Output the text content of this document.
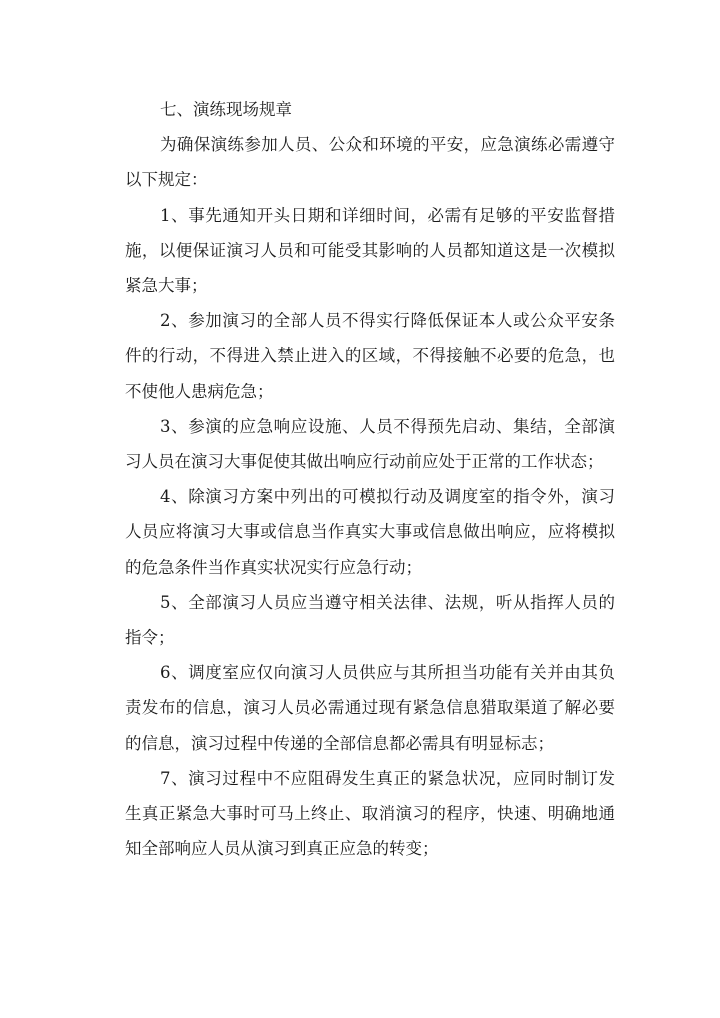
七、演练现场规章

为确保演练参加人员、公众和环境的平安，应急演练必需遵守以下规定：

1、事先通知开头日期和详细时间，必需有足够的平安监督措施，以便保证演习人员和可能受其影响的人员都知道这是一次模拟紧急大事；

2、参加演习的全部人员不得实行降低保证本人或公众平安条件的行动，不得进入禁止进入的区域，不得接触不必要的危急，也不使他人患病危急；

3、参演的应急响应设施、人员不得预先启动、集结，全部演习人员在演习大事促使其做出响应行动前应处于正常的工作状态；

4、除演习方案中列出的可模拟行动及调度室的指令外，演习人员应将演习大事或信息当作真实大事或信息做出响应，应将模拟的危急条件当作真实状况实行应急行动；

5、全部演习人员应当遵守相关法律、法规，听从指挥人员的指令；

6、调度室应仅向演习人员供应与其所担当功能有关并由其负责发布的信息，演习人员必需通过现有紧急信息猎取渠道了解必要的信息，演习过程中传递的全部信息都必需具有明显标志；

7、演习过程中不应阻碍发生真正的紧急状况，应同时制订发生真正紧急大事时可马上终止、取消演习的程序，快速、明确地通知全部响应人员从演习到真正应急的转变；
